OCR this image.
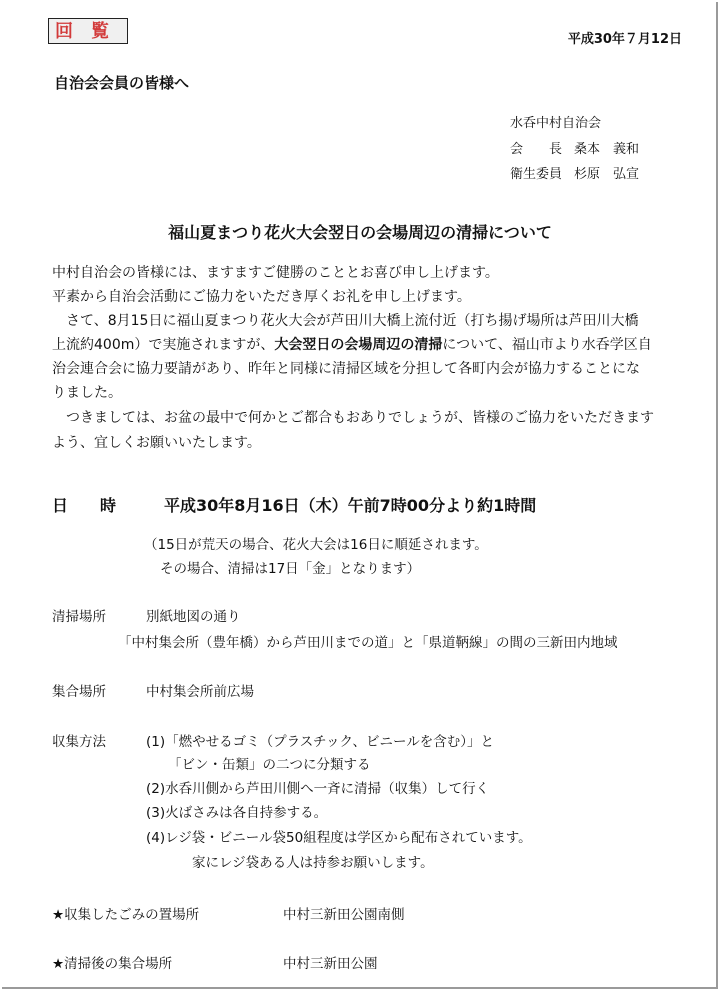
回覧	平成30年７月12日
自治会会員の皆様へ
水呑中村自治会
会　　長 桑本　義和
衛生委員 杉原　弘宣
福山夏まつり花火大会翌日の会場周辺の清掃について
中村自治会の皆様には、ますますご健勝のこととお喜び申し上げます。
平素から自治会活動にご協力をいただき厚くお礼を申し上げます。
　さて、8月15日に福山夏まつり花火大会が芦田川大橋上流付近（打ち揚げ場所は芦田川大橋
上流約400m）で実施されますが、大会翌日の会場周辺の清掃について、福山市より水呑学区自
治会連合会に協力要請があり、昨年と同様に清掃区域を分担して各町内会が協力することにな
りました。
　つきましては、お盆の最中で何かとご都合もおありでしょうが、皆様のご協力をいただきます
よう、宜しくお願いいたします。
日　　時	平成30年8月16日（木）午前7時00分より約1時間
（15日が荒天の場合、花火大会は16日に順延されます。
その場合、清掃は17日「金」となります）
清掃場所	別紙地図の通り
「中村集会所（豊年橋）から芦田川までの道」と「県道鞆線」の間の三新田内地域
集合場所	中村集会所前広場
収集方法	(1)「燃やせるゴミ（プラスチック、ビニールを含む）」と
「ビン・缶類」の二つに分類する
(2)水呑川側から芦田川側へ一斉に清掃（収集）して行く
(3)火ばさみは各自持参する。
(4)レジ袋・ビニール袋50組程度は学区から配布されています。
家にレジ袋ある人は持参お願いします。
★収集したごみの置場所	中村三新田公園南側
★清掃後の集合場所	中村三新田公園
